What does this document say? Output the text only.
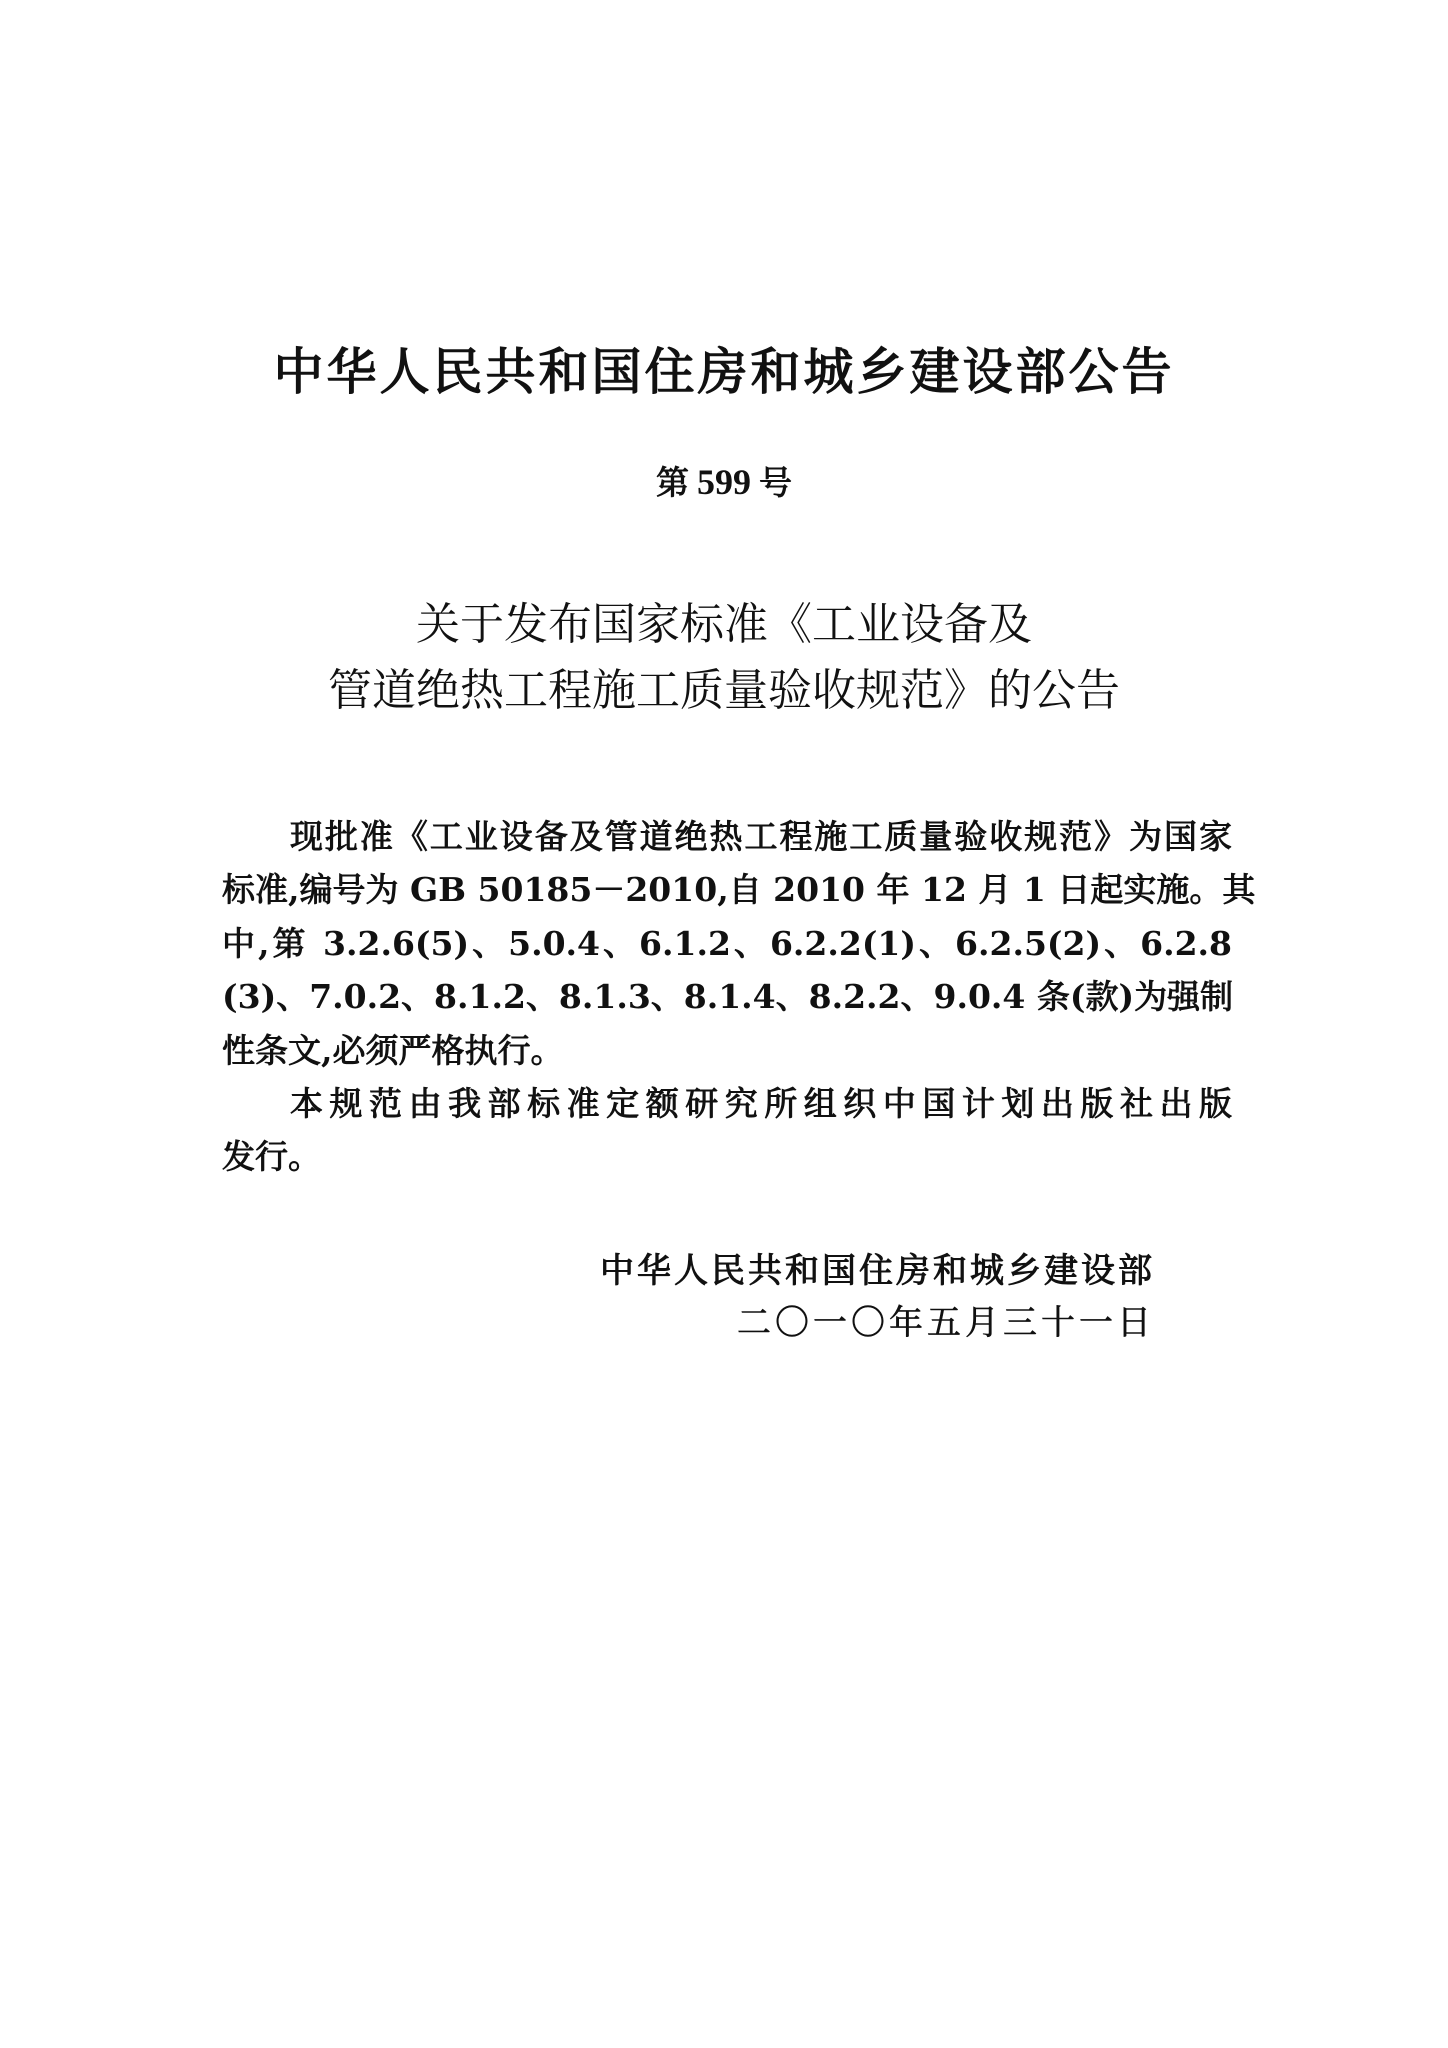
中华人民共和国住房和城乡建设部公告
第 599 号
关于发布国家标准《工业设备及
管道绝热工程施工质量验收规范》的公告
现批准《工业设备及管道绝热工程施工质量验收规范》为国家
标准,编号为 GB 50185－2010,自 2010 年 12 月 1 日起实施。其
中,第 3.2.6(5)、5.0.4、6.1.2、6.2.2(1)、6.2.5(2)、6.2.8
(3)、7.0.2、8.1.2、8.1.3、8.1.4、8.2.2、9.0.4 条(款)为强制
性条文,必须严格执行。
本规范由我部标准定额研究所组织中国计划出版社出版
发行。
中华人民共和国住房和城乡建设部
二〇一〇年五月三十一日
